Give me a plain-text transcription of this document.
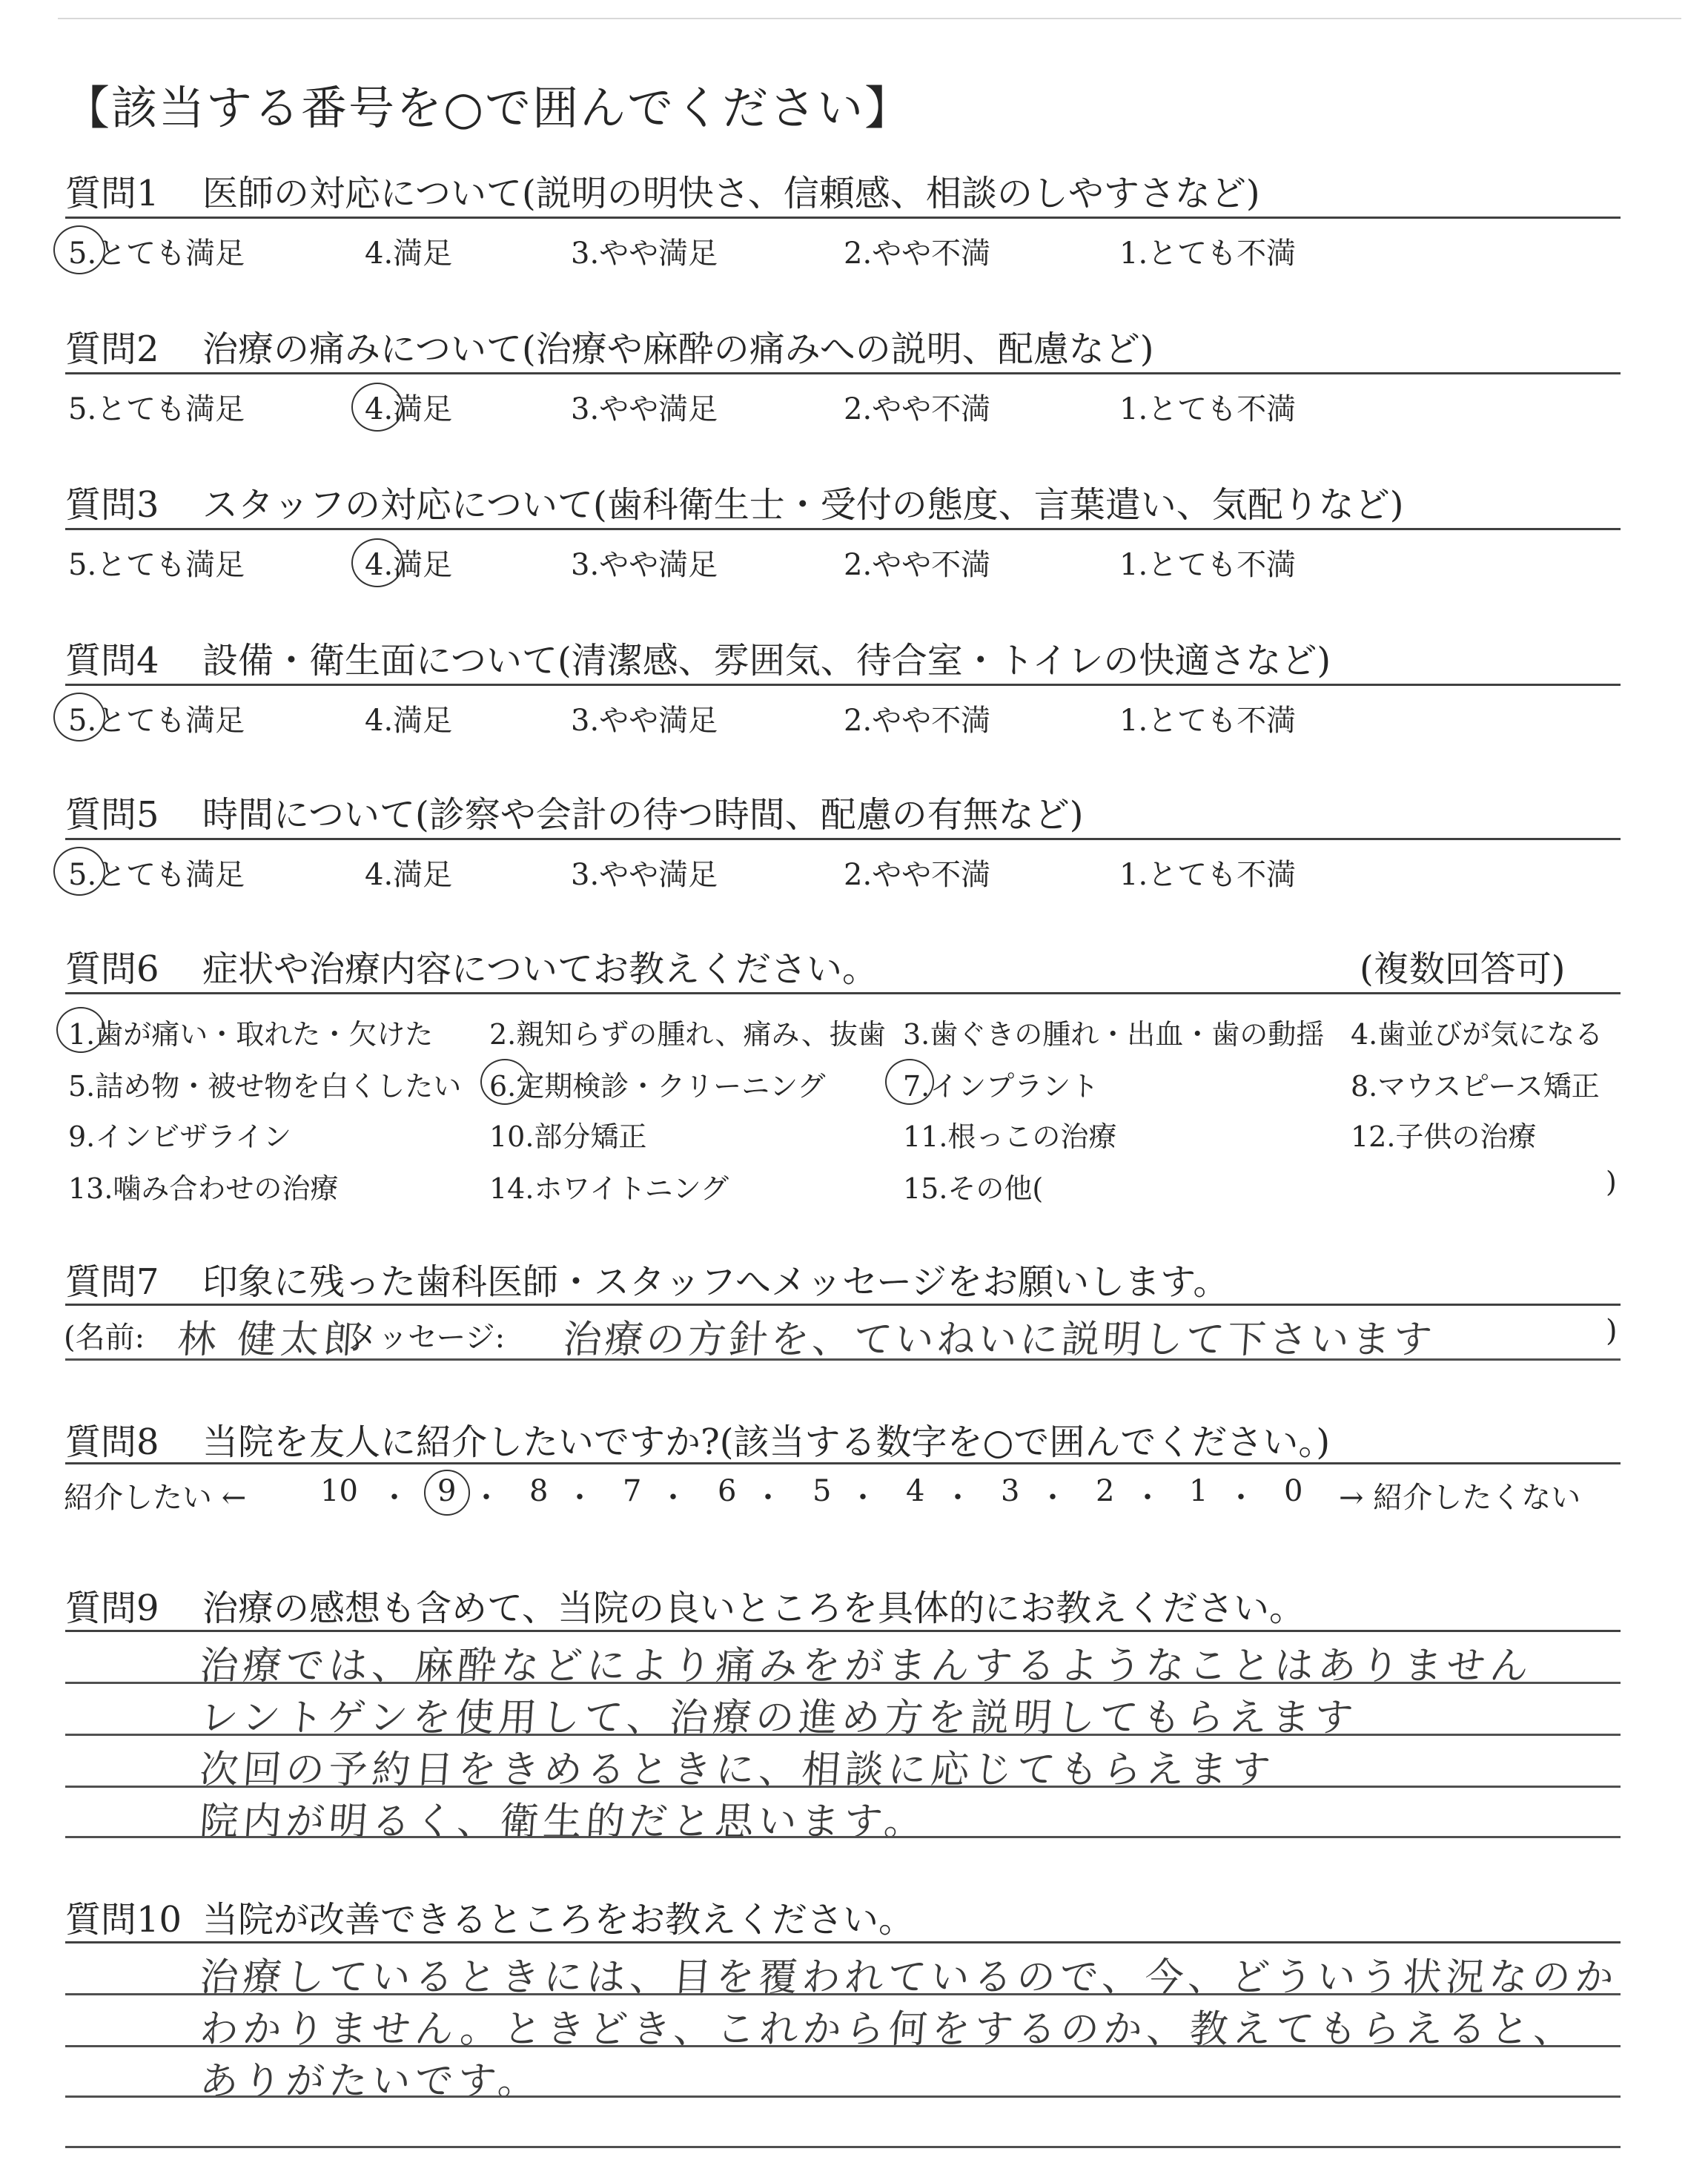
【該当する番号を○で囲んでください】
質問1 医師の対応について(説明の明快さ、信頼感、相談のしやすさなど)
5.とても満足	4.満足	3.やや満足	2.やや不満	1.とても不満
質問2 治療の痛みについて(治療や麻酔の痛みへの説明、配慮など)
5.とても満足	4.満足	3.やや満足	2.やや不満	1.とても不満
質問3 スタッフの対応について(歯科衛生士・受付の態度、言葉遣い、気配りなど)
5.とても満足	4.満足	3.やや満足	2.やや不満	1.とても不満
質問4 設備・衛生面について(清潔感、雰囲気、待合室・トイレの快適さなど)
5.とても満足	4.満足	3.やや満足	2.やや不満	1.とても不満
質問5 時間について(診察や会計の待つ時間、配慮の有無など)
5.とても満足	4.満足	3.やや満足	2.やや不満	1.とても不満
質問6 症状や治療内容についてお教えください。	(複数回答可)
1.歯が痛い・取れた・欠けた 2.親知らずの腫れ、痛み、抜歯 3.歯ぐきの腫れ・出血・歯の動揺 4.歯並びが気になる
5.詰め物・被せ物を白くしたい 6.定期検診・クリーニング	7.インプラント	8.マウスピース矯正
9.インビザライン	10.部分矯正	11.根っこの治療	12.子供の治療
13.噛み合わせの治療	14.ホワイトニング	15.その他(	)
質問7 印象に残った歯科医師・スタッフへメッセージをお願いします。
(名前: 林 健太郎
メッセージ: 治療の方針を、ていねいに説明して下さいます	)
質問8 当院を友人に紹介したいですか?(該当する数字を○で囲んでください。)
紹介したい ← 10 ・ 9 ・ 8 ・ 7 ・ 6 ・ 5 ・ 4 ・ 3 ・ 2 ・ 1 ・ 0 → 紹介したくない
質問9 治療の感想も含めて、当院の良いところを具体的にお教えください。
治療では、麻酔などにより痛みをがまんするようなことはありません
レントゲンを使用して、治療の進め方を説明してもらえます
次回の予約日をきめるときに、相談に応じてもらえます
院内が明るく、衛生的だと思います。
質問10 当院が改善できるところをお教えください。
治療しているときには、目を覆われているので、今、どういう状況なのか
わかりません。ときどき、これから何をするのか、教えてもらえると、
ありがたいです。
